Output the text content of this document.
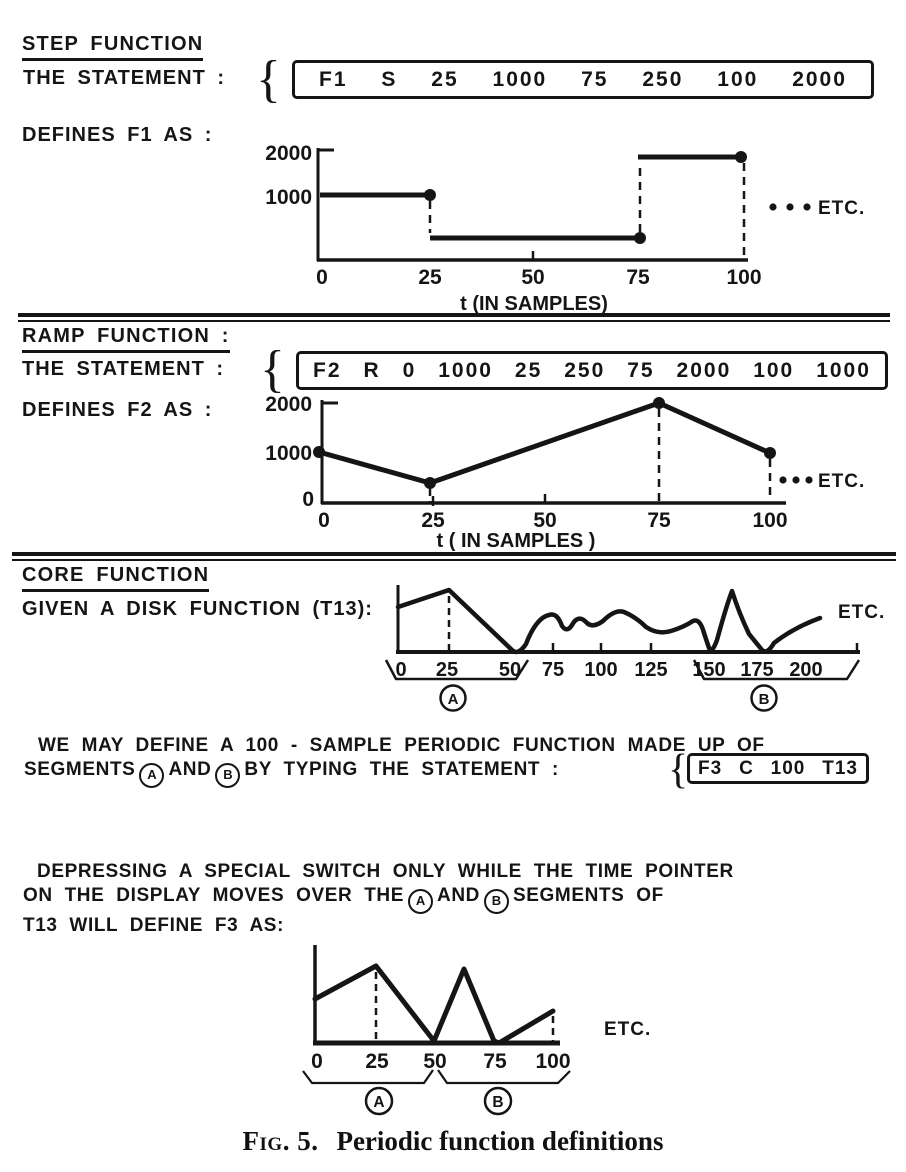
STEP FUNCTION
THE STATEMENT : { F1 S 25 1000 75 250 100 2000
DEFINES F1 AS :
2000
1000
0	25	50	75	100
ETC.
t (IN SAMPLES)
RAMP FUNCTION :
THE STATEMENT : { F2 R 0 1000 25 250 75 2000 100 1000
DEFINES F2 AS :	2000
1000
0
0	25	50	75	100
ETC.
t ( IN SAMPLES )
CORE FUNCTION
GIVEN A DISK FUNCTION (T13):
0 25 50 75 100 125 150 175 200
ETC.
A	B
WE MAY DEFINE A 100 - SAMPLE PERIODIC FUNCTION MADE UP OF
SEGMENTS A AND B BY TYPING THE STATEMENT :	{ F3 C 100 T13
DEPRESSING A SPECIAL SWITCH ONLY WHILE THE TIME POINTER
ON THE DISPLAY MOVES OVER THE A AND B SEGMENTS OF
T13 WILL DEFINE F3 AS:
0 25 50 75 100
ETC.
A	B
Fig. 5. Periodic function definitions
